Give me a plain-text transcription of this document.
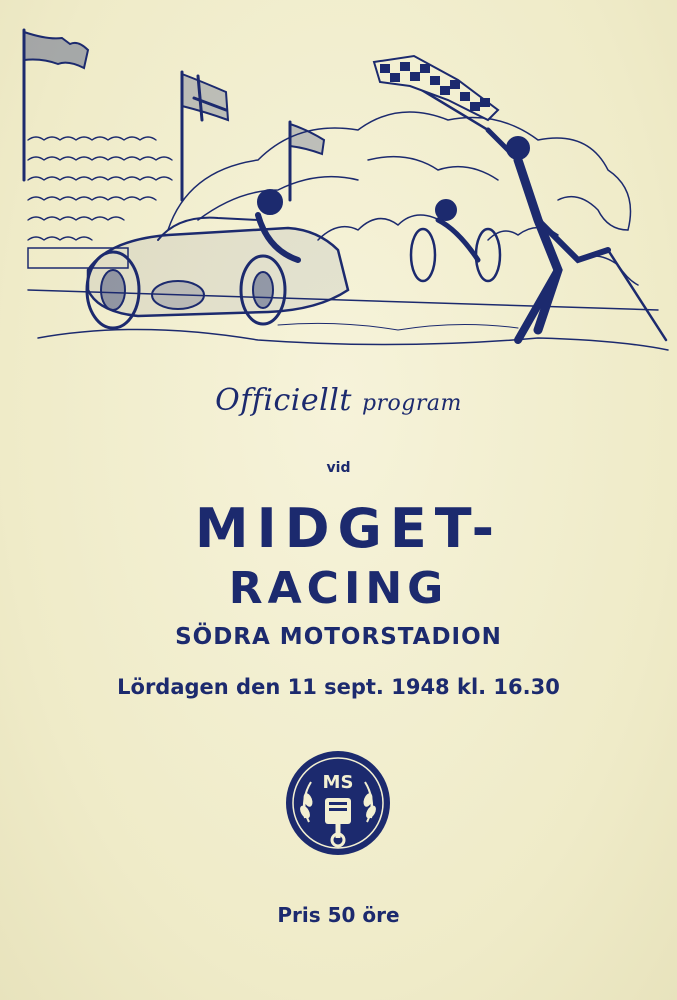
Officiellt program
vid
MIDGET-
RACING
SÖDRA MOTORSTADION
Lördagen den 11 sept. 1948 kl. 16.30
MS
Pris 50 öre
